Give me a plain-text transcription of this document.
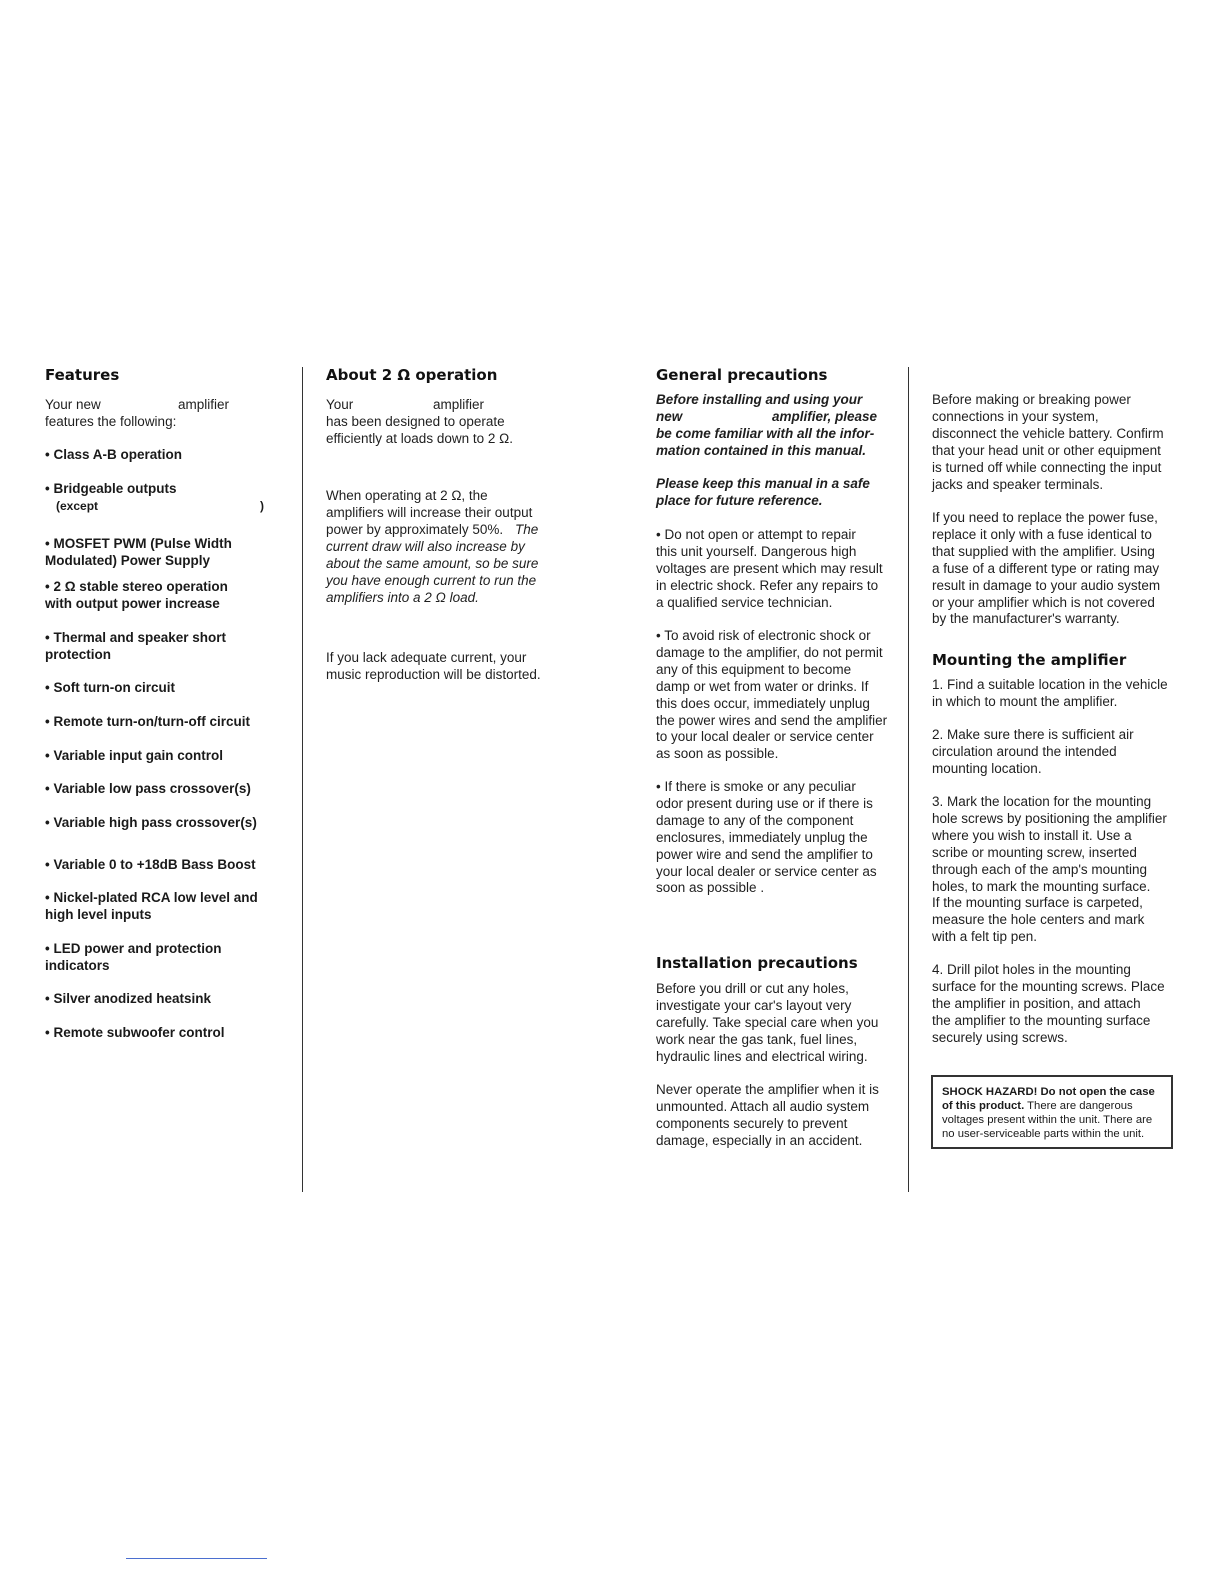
Features
Your new	amplifier
features the following:

• Class A-B operation

• Bridgeable outputs

(except	)

• MOSFET PWM (Pulse Width
Modulated) Power Supply

• 2 Ω stable stereo operation
with output power increase

• Thermal and speaker short
protection

• Soft turn-on circuit

• Remote turn-on/turn-off circuit

• Variable input gain control

• Variable low pass crossover(s)

• Variable high pass crossover(s)

• Variable 0 to +18dB Bass Boost

• Nickel-plated RCA low level and
high level inputs

• LED power and protection
indicators

• Silver anodized heatsink

• Remote subwoofer control

About 2 Ω operation
Your	amplifier

has been designed to operate
efficiently at loads down to 2 Ω.

When operating at 2 Ω, the
amplifiers will increase their output
power by approximately 50%. The
current draw will also increase by
about the same amount, so be sure
you have enough current to run the
amplifiers into a 2 Ω load.

If you lack adequate current, your
music reproduction will be distorted.

General precautions

Before installing and using your

new	amplifier, please

be come familiar with all the infor-
mation contained in this manual.

Please keep this manual in a safe
place for future reference.

• Do not open or attempt to repair
this unit yourself. Dangerous high
voltages are present which may result
in electric shock. Refer any repairs to
a qualified service technician.

• To avoid risk of electronic shock or
damage to the amplifier, do not permit
any of this equipment to become
damp or wet from water or drinks. If
this does occur, immediately unplug
the power wires and send the amplifier
to your local dealer or service center
as soon as possible.

• If there is smoke or any peculiar
odor present during use or if there is
damage to any of the component
enclosures, immediately unplug the
power wire and send the amplifier to
your local dealer or service center as
soon as possible .

Installation precautions

Before you drill or cut any holes,
investigate your car's layout very
carefully. Take special care when you
work near the gas tank, fuel lines,
hydraulic lines and electrical wiring.

Never operate the amplifier when it is
unmounted. Attach all audio system
components securely to prevent
damage, especially in an accident.

Before making or breaking power
connections in your system,
disconnect the vehicle battery. Confirm
that your head unit or other equipment
is turned off while connecting the input
jacks and speaker terminals.

If you need to replace the power fuse,
replace it only with a fuse identical to
that supplied with the amplifier. Using
a fuse of a different type or rating may
result in damage to your audio system
or your amplifier which is not covered
by the manufacturer's warranty.

Mounting the amplifier

1. Find a suitable location in the vehicle
in which to mount the amplifier.

2. Make sure there is sufficient air
circulation around the intended
mounting location.

3. Mark the location for the mounting
hole screws by positioning the amplifier
where you wish to install it. Use a
scribe or mounting screw, inserted
through each of the amp's mounting
holes, to mark the mounting surface.
If the mounting surface is carpeted,
measure the hole centers and mark
with a felt tip pen.

4. Drill pilot holes in the mounting
surface for the mounting screws. Place
the amplifier in position, and attach
the amplifier to the mounting surface
securely using screws.

SHOCK HAZARD! Do not open the case
of this product. There are dangerous
voltages present within the unit. There are
no user-serviceable parts within the unit.
